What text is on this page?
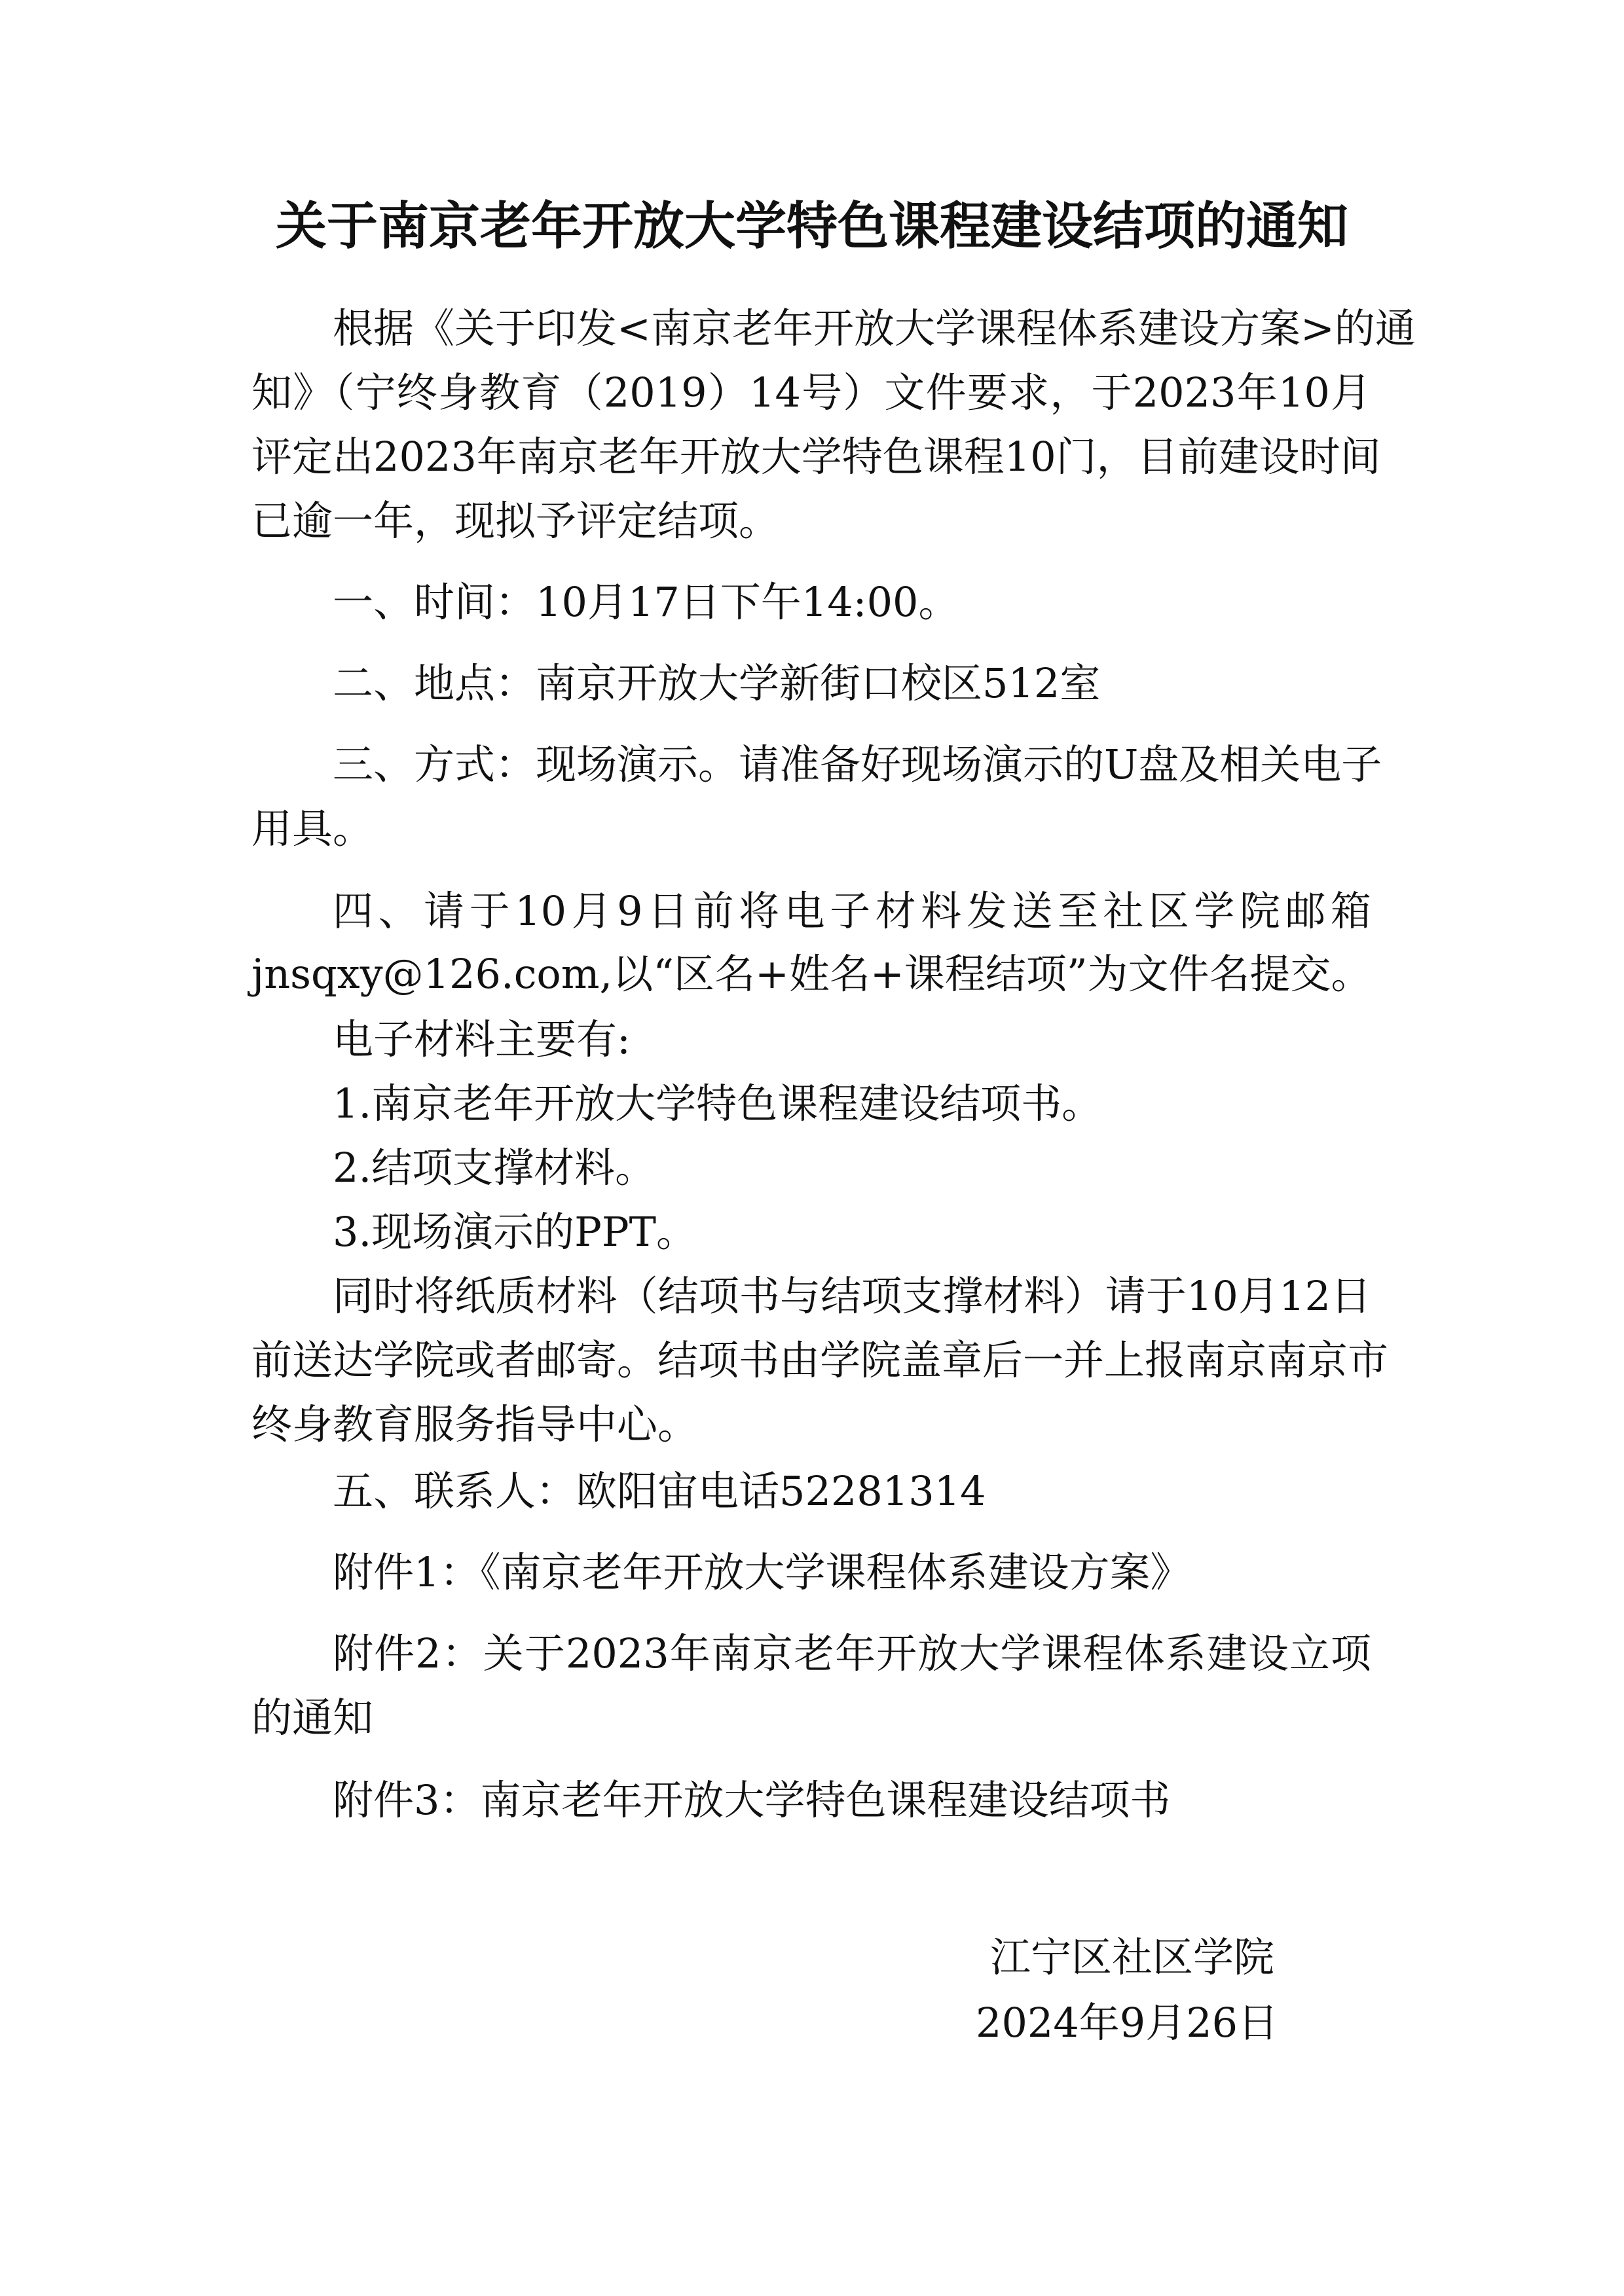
关于南京老年开放大学特色课程建设结项的通知
根据《关于印发<南京老年开放大学课程体系建设方案>的通
知》（宁终身教育（2019）14号）文件要求，于2023年10月
评定出2023年南京老年开放大学特色课程10门，目前建设时间
已逾一年，现拟予评定结项。
一、时间：10月17日下午14:00。
二、地点：南京开放大学新街口校区512室
三、方式：现场演示。请准备好现场演示的U盘及相关电子
用具。
四、请于10月9日前将电子材料发送至社区学院邮箱
jnsqxy@126.com,以“区名+姓名+课程结项”为文件名提交。
电子材料主要有:
1.南京老年开放大学特色课程建设结项书。
2.结项支撑材料。
3.现场演示的PPT。
同时将纸质材料（结项书与结项支撑材料）请于10月12日
前送达学院或者邮寄。结项书由学院盖章后一并上报南京南京市
终身教育服务指导中心。
五、联系人：欧阳宙电话52281314
附件1：《南京老年开放大学课程体系建设方案》
附件2：关于2023年南京老年开放大学课程体系建设立项
的通知
附件3：南京老年开放大学特色课程建设结项书
江宁区社区学院
2024年9月26日
